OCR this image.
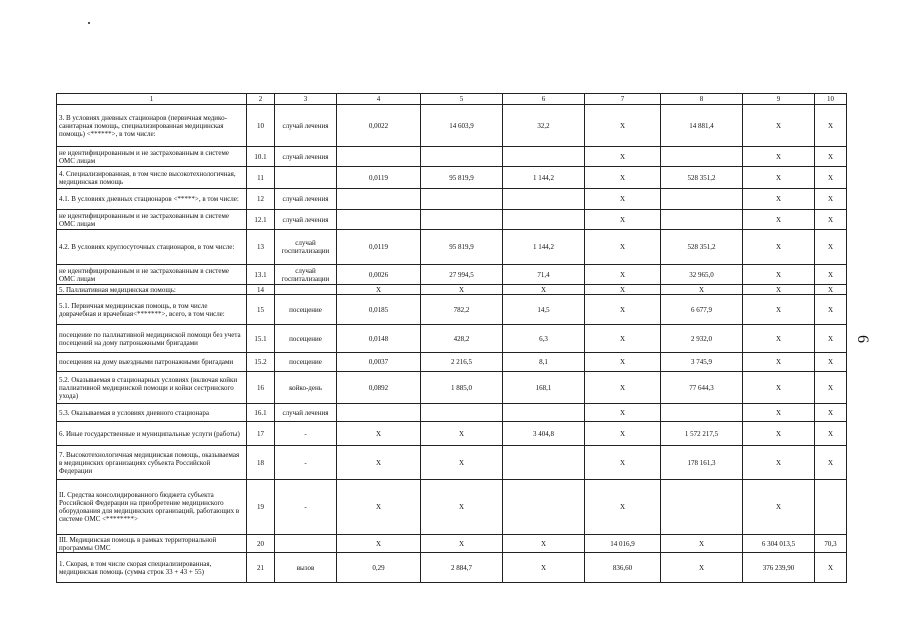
6
1	2	3	4	5	6	7	8	9	10
3. В условиях дневных стационаров (первичная медико-санитарная помощь, специализированная медицинская помощь) <******>, в том числе:	10	случай лечения	0,0022	14 603,9	32,2	Х	14 881,4	Х	Х
не идентифицированным и не застрахованным в системе ОМС лицам	10.1	случай лечения				Х		Х	Х
4. Специализированная, в том числе высокотехнологичная, медицинская помощь	11		0,0119	95 819,9	1 144,2	Х	528 351,2	Х	Х
4.1. В условиях дневных стационаров <*****>, в том числе:	12	случай лечения				Х		Х	Х
не идентифицированным и не застрахованным в системе ОМС лицам	12.1	случай лечения				Х		Х	Х
4.2. В условиях круглосуточных стационаров, в том числе:	13	случай госпитализации	0,0119	95 819,9	1 144,2	Х	528 351,2	Х	Х
не идентифицированным и не застрахованным в системе ОМС лицам	13.1	случай госпитализации	0,0026	27 994,5	71,4	Х	32 965,0	Х	Х
5. Паллиативная медицинская помощь:	14		Х	Х	Х	Х	Х	Х	Х
5.1. Первичная медицинская помощь, в том числе доврачебная и врачебная<*******>, всего, в том числе:	15	посещение	0,0185	782,2	14,5	Х	6 677,9	Х	Х
посещение по паллиативной медицинской помощи без учета посещений на дому патронажными бригадами	15.1	посещение	0,0148	428,2	6,3	Х	2 932,0	Х	Х
посещения на дому выездными патронажными бригадами	15.2	посещение	0,0037	2 216,5	8,1	Х	3 745,9	Х	Х
5.2. Оказываемая в стационарных условиях (включая койки паллиативной медицинской помощи и койки сестринского ухода)	16	койко-день	0,0892	1 885,0	168,1	Х	77 644,3	Х	Х
5.3. Оказываемая в условиях дневного стационара	16.1	случай лечения				Х		Х	Х
6. Иные государственные и муниципальные услуги (работы)	17	-	Х	Х	3 404,8	Х	1 572 217,5	Х	Х
7. Высокотехнологичная медицинская помощь, оказываемая в медицинских организациях субъекта Российской Федерации	18	-	Х	Х		Х	178 161,3	Х	Х
II. Средства консолидированного бюджета субъекта Российской Федерации на приобретение медицинского оборудования для медицинских организаций, работающих в системе ОМС <********>	19	-	Х	Х		Х		Х	
III. Медицинская помощь в рамках территориальной программы ОМС	20		Х	Х	Х	14 016,9	Х	6 304 013,5	70,3
1. Скорая, в том числе скорая специализированная, медицинская помощь (сумма строк 33 + 43 + 55)	21	вызов	0,29	2 884,7	Х	836,60	Х	376 239,90	Х
